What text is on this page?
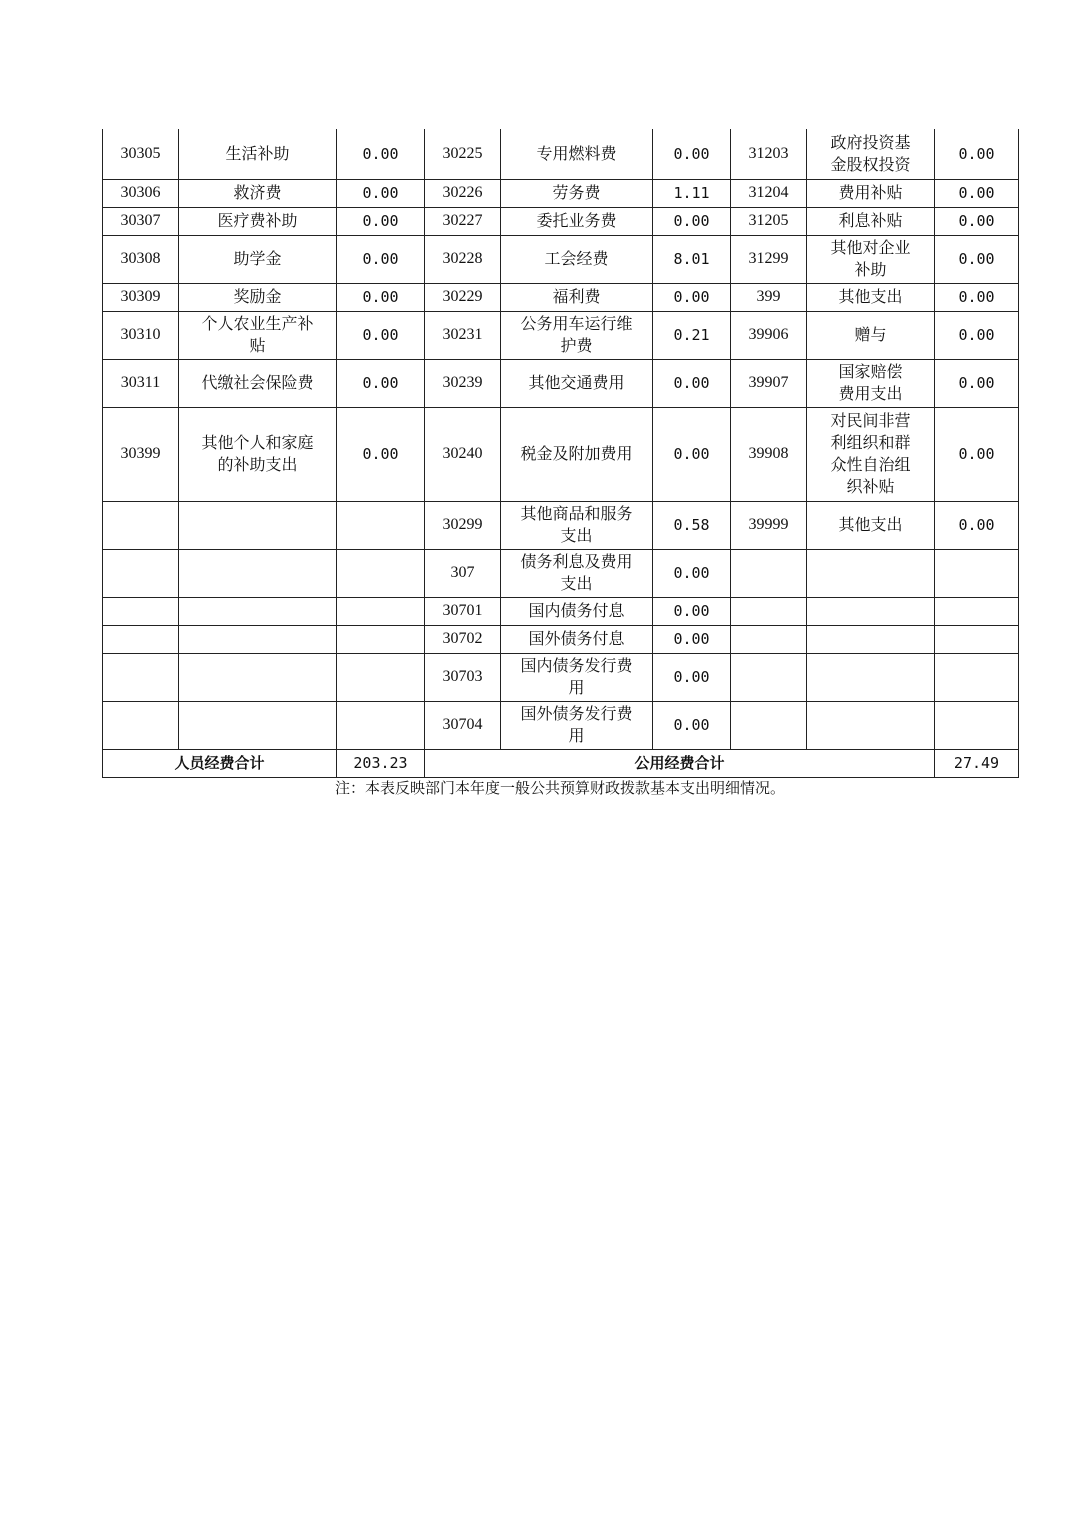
30305	生活补助	0.00	30225	专用燃料费	0.00	31203	政府投资基金股权投资	0.00
30306	救济费	0.00	30226	劳务费	1.11	31204	费用补贴	0.00
30307	医疗费补助	0.00	30227	委托业务费	0.00	31205	利息补贴	0.00
30308	助学金	0.00	30228	工会经费	8.01	31299	其他对企业补助	0.00
30309	奖励金	0.00	30229	福利费	0.00	399	其他支出	0.00
30310	个人农业生产补贴	0.00	30231	公务用车运行维护费	0.21	39906	赠与	0.00
30311	代缴社会保险费	0.00	30239	其他交通费用	0.00	39907	国家赔偿费用支出	0.00
30399	其他个人和家庭的补助支出	0.00	30240	税金及附加费用	0.00	39908	对民间非营利组织和群众性自治组织补贴	0.00
			30299	其他商品和服务支出	0.58	39999	其他支出	0.00
			307	债务利息及费用支出	0.00			
			30701	国内债务付息	0.00			
			30702	国外债务付息	0.00			
			30703	国内债务发行费用	0.00			
			30704	国外债务发行费用	0.00			
人员经费合计		203.23	公用经费合计					27.49
注：本表反映部门本年度一般公共预算财政拨款基本支出明细情况。
